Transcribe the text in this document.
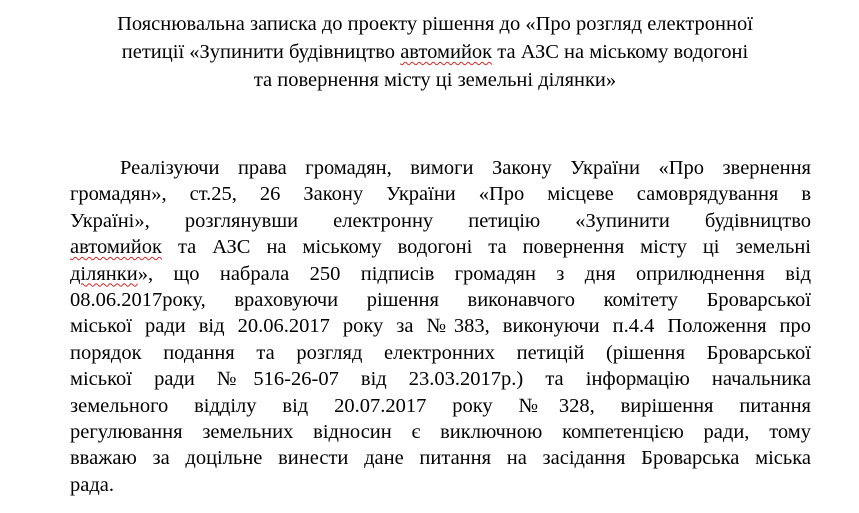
Пояснювальна записка до проекту рішення до «Про розгляд електронної
петиції «Зупинити будівництво автомийок та АЗС на міському водогоні
та повернення місту ці земельні ділянки»
Реалізуючи права громадян, вимоги Закону України «Про звернення
громадян», ст.25, 26 Закону України «Про місцеве самоврядування в
Україні», розглянувши електронну петицію «Зупинити будівництво
автомийок та АЗС на міському водогоні та повернення місту ці земельні
ділянки», що набрала 250 підписів громадян з дня оприлюднення від
08.06.2017року, враховуючи рішення виконавчого комітету Броварської
міської ради від 20.06.2017 року за №383, виконуючи п.4.4 Положення про
порядок подання та розгляд електронних петицій (рішення Броварської
міської ради №516-26-07 від 23.03.2017р.) та інформацію начальника
земельного відділу від 20.07.2017 року №328, вирішення питання
регулювання земельних відносин є виключною компетенцією ради, тому
вважаю за доцільне винести дане питання на засідання Броварська міська
рада.
